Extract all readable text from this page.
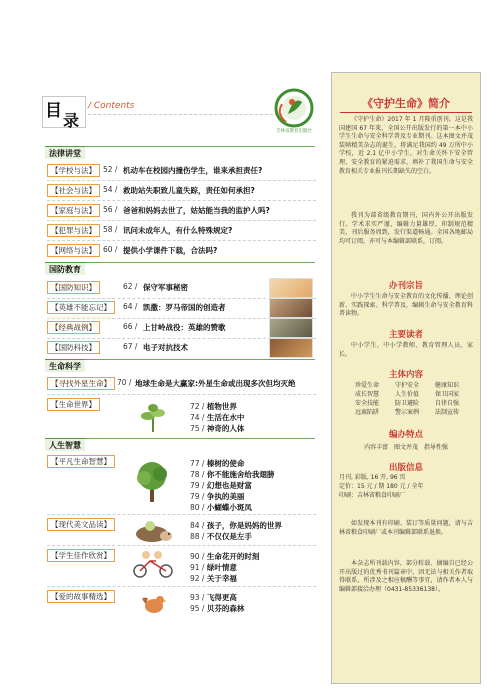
目 录
/ Contents
吉林省教育出版社
法律讲堂
【学校与法】 52 / 机动车在校园内撞伤学生，谁来承担责任?
【社会与法】 54 / 救助站失职致儿童失踪，责任如何承担?
【家庭与法】 56 / 爸爸和妈妈去世了，姑姑能当我的监护人吗?
【犯罪与法】 58 / 讯问未成年人，有什么特殊规定?
【网络与法】 60 / 提供小学课件下载，合法吗?
国防教育
【国防知识】	62 / 保守军事秘密
【英雄不能忘记】	64 / 凯撒：罗马帝国的创造者
【经典战例】	66 / 上甘岭战役：英雄的赞歌
【国防科技】	67 / 电子对抗技术
生命科学
【寻找外星生命】 70 / 地球生命是大赢家:外星生命或出现多次但均灭绝
【生命世界】	72 / 植物世界
74 / 生活在水中
75 / 神奇的人体
人生智慧
【平凡生命智慧】	77 / 榛树的使命
78 / 你不能施舍给我翅膀
79 / 幻想也是财富
79 / 争执的美丽
80 / 小蝴蝶小斑凤
【现代美文品读】	84 / 孩子，你是妈妈的世界
88 / 不仅仅是左手
【学生佳作欣赏】	90 / 生命花开的时刻
91 / 绿叶情意
92 / 关于幸福
【爱的故事精选】	93 / 飞得更高
95 / 贝芬的森林
《守护生命》简介
《守护生命》2017 年 1 月隆重创刊。这是我国建国 67 年来，全国公开出版发行的第一本中小学生生命与安全科学普及专业期刊。这本图文并茂装帧精美杂志的诞生，将满足我国约 49 万所中小学校，近 2.1 亿中小学生，对生命关怀下安全管理、安全教育的紧迫需求，填补了我国生命与安全教育相关专业报刊长期缺失的空白。
我刊为部省级教育期刊，国内外公开出版发行。学术求实严谨，编辑力量雄厚，印制规范精美，刊后服务周到，发行渠道畅通。全国各地邮局均可订阅，亦可与本编辑部联系，订阅。
办刊宗旨
中小学生生命与安全教育的文化传播、理论创新、实践探索、科学普及，编辑生命与安全教育科普读物。
主要读者
中小学生、中小学教师、教育管理人员、家长。
主体内容
珍爱生命	守护安全	健康知识
成长智慧	人生价值	保卫国家
安全技能	防卫避险	自律自强
远离陷阱	警示案例	法制宣传
编办特点
内容丰富 图文并茂 指导性强
出版信息
月刊, 彩版, 16 开, 96 页
定价：15 元 / 期 180 元 / 全年
印刷：吉林省粮食印刷厂
如发现本刊有印刷、装订等质量问题，请与吉林省粮食印刷厂或本刊编辑部联系退换。
本杂志所刊载内容，部分转载、摘编自已经公开出版过的优秀书刊篇章中，因无法与相关作者取得联系，所涉及之相应稿酬等事宜，请作者本人与编辑部接洽办理（0431-85336138）。
